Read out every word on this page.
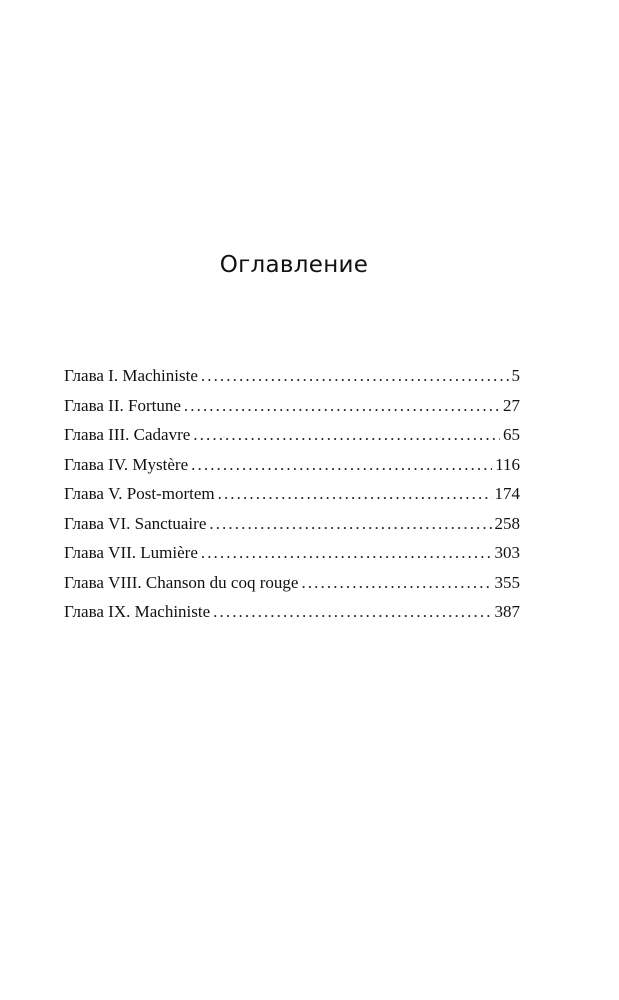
Оглавление
Глава I. Machiniste .....	5
Глава II. Fortune .....	27
Глава III. Cadavre .....	65
Глава IV. Mystère .....	116
Глава V. Post-mortem .....	174
Глава VI. Sanctuaire .....	258
Глава VII. Lumière .....	303
Глава VIII. Chanson du coq rouge .....	355
Глава IX. Machiniste .....	387
